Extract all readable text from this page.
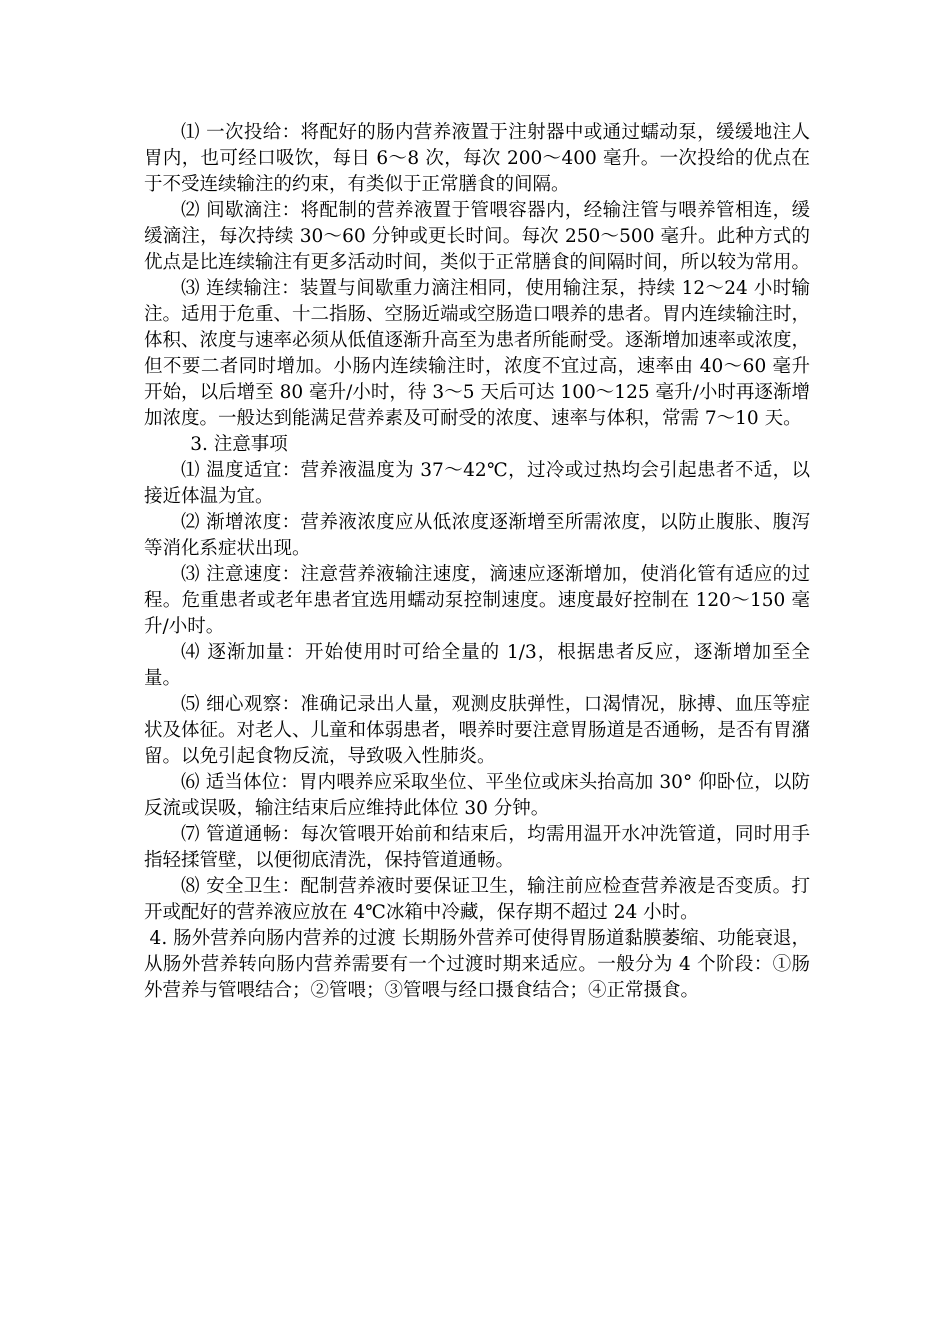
⑴ 一次投给：将配好的肠内营养液置于注射器中或通过蠕动泵，缓缓地注人胃内，也可经口吸饮，每日 6～8 次，每次 200～400 毫升。一次投给的优点在于不受连续输注的约束，有类似于正常膳食的间隔。

⑵ 间歇滴注：将配制的营养液置于管喂容器内，经输注管与喂养管相连，缓缓滴注，每次持续 30～60 分钟或更长时间。每次 250～500 毫升。此种方式的优点是比连续输注有更多活动时间，类似于正常膳食的间隔时间，所以较为常用。

⑶ 连续输注：装置与间歇重力滴注相同，使用输注泵，持续 12～24 小时输注。适用于危重、十二指肠、空肠近端或空肠造口喂养的患者。胃内连续输注时，体积、浓度与速率必须从低值逐渐升高至为患者所能耐受。逐渐增加速率或浓度，但不要二者同时增加。小肠内连续输注时，浓度不宜过高，速率由 40～60 毫升开始，以后增至 80 毫升/小时，待 3～5 天后可达 100～125 毫升/小时再逐渐增加浓度。一般达到能满足营养素及可耐受的浓度、速率与体积，常需 7～10 天。

3. 注意事项

⑴ 温度适宜：营养液温度为 37～42℃，过冷或过热均会引起患者不适，以接近体温为宜。

⑵ 渐增浓度：营养液浓度应从低浓度逐渐增至所需浓度，以防止腹胀、腹泻等消化系症状出现。

⑶ 注意速度：注意营养液输注速度，滴速应逐渐增加，使消化管有适应的过程。危重患者或老年患者宜选用蠕动泵控制速度。速度最好控制在 120～150 毫升/小时。

⑷ 逐渐加量：开始使用时可给全量的 1/3，根据患者反应，逐渐增加至全量。

⑸ 细心观察：准确记录出人量，观测皮肤弹性，口渴情况，脉搏、血压等症状及体征。对老人、儿童和体弱患者，喂养时要注意胃肠道是否通畅，是否有胃潴留。以免引起食物反流，导致吸入性肺炎。

⑹ 适当体位：胃内喂养应采取坐位、平坐位或床头抬高加 30° 仰卧位，以防反流或误吸，输注结束后应维持此体位 30 分钟。

⑺ 管道通畅：每次管喂开始前和结束后，均需用温开水冲洗管道，同时用手指轻揉管壁，以便彻底清洗，保持管道通畅。

⑻ 安全卫生：配制营养液时要保证卫生，输注前应检查营养液是否变质。打开或配好的营养液应放在 4℃冰箱中冷藏，保存期不超过 24 小时。

4. 肠外营养向肠内营养的过渡 长期肠外营养可使得胃肠道黏膜萎缩、功能衰退，从肠外营养转向肠内营养需要有一个过渡时期来适应。一般分为 4 个阶段：①肠外营养与管喂结合；②管喂；③管喂与经口摄食结合；④正常摄食。
